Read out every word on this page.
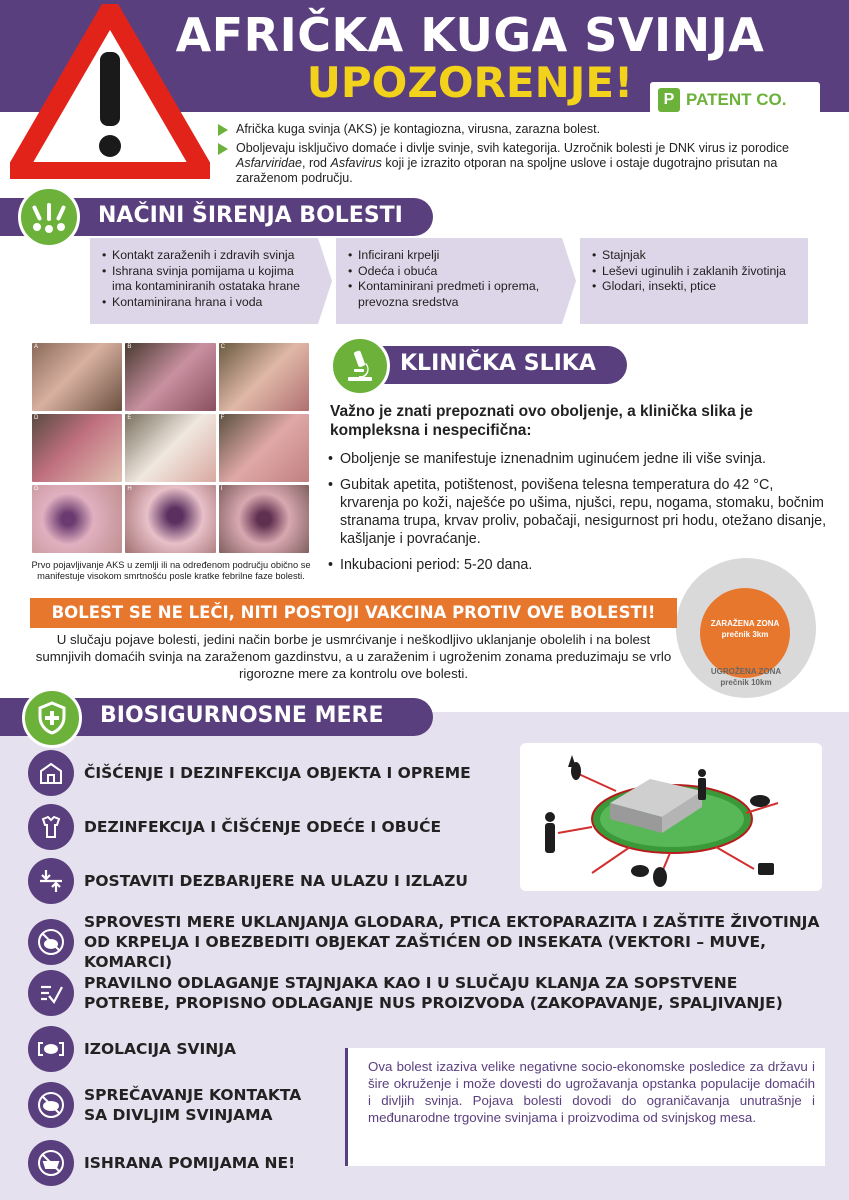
AFRIČKA KUGA SVINJA
UPOZORENJE!	P PATENT CO.
Afrička kuga svinja (AKS) je kontagiozna, virusna, zarazna bolest.
Oboljevaju isključivo domaće i divlje svinje, svih kategorija. Uzročnik bolesti je DNK virus iz porodice Asfarviridae, rod Asfavirus koji je izrazito otporan na spoljne uslove i ostaje dugotrajno prisutan na zaraženom području.
NAČINI ŠIRENJA BOLESTI
• Kontakt zaraženih i zdravih svinja
• Ishrana svinja pomijama u kojima ima kontaminiranih ostataka hrane
• Kontaminirana hrana i voda
• Inficirani krpelji
• Odeća i obuća
• Kontaminirani predmeti i oprema, prevozna sredstva
• Stajnjak
• Leševi uginulih i zaklanih životinja
• Glodari, insekti, ptice
A	B	C
D	E	F
G	H	I
Prvo pojavljivanje AKS u zemlji ili na određenom području obično se manifestuje visokom smrtnošću posle kratke febrilne faze bolesti.
KLINIČKA SLIKA
Važno je znati prepoznati ovo oboljenje, a klinička slika je kompleksna i nespecifična:
• Oboljenje se manifestuje iznenadnim uginućem jedne ili više svinja.
• Gubitak apetita, potištenost, povišena telesna temperatura do 42 °C, krvarenja po koži, naješće po ušima, njušci, repu, nogama, stomaku, bočnim stranama trupa, krvav proliv, pobačaji, nesigurnost pri hodu, otežano disanje, kašljanje i povraćanje.
• Inkubacioni period: 5-20 dana.
ZARAŽENA ZONA
prečnik 3km
UGROŽENA ZONA
prečnik 10km
BOLEST SE NE LEČI, NITI POSTOJI VAKCINA PROTIV OVE BOLESTI!
U slučaju pojave bolesti, jedini način borbe je usmrćivanje i neškodljivo uklanjanje obolelih i na bolest sumnjivih domaćih svinja na zaraženom gazdinstvu, a u zaraženim i ugroženim zonama preduzimaju se vrlo rigorozne mere za kontrolu ove bolesti.
BIOSIGURNOSNE MERE
ČIŠĆENJE I DEZINFEKCIJA OBJEKTA I OPREME
DEZINFEKCIJA I ČIŠĆENJE ODEĆE I OBUĆE
POSTAVITI DEZBARIJERE NA ULAZU I IZLAZU
SPROVESTI MERE UKLANJANJA GLODARA, PTICA EKTOPARAZITA I ZAŠTITE ŽIVOTINJA
OD KRPELJA I OBEZBEDITI OBJEKAT ZAŠTIĆEN OD INSEKATA (VEKTORI – MUVE, KOMARCI)
PRAVILNO ODLAGANJE STAJNJAKA KAO I U SLUČAJU KLANJA ZA SOPSTVENE
POTREBE, PROPISNO ODLAGANJE NUS PROIZVODA (ZAKOPAVANJE, SPALJIVANJE)
IZOLACIJA SVINJA
SPREČAVANJE KONTAKTA
SA DIVLJIM SVINJAMA
ISHRANA POMIJAMA NE!
Ova bolest izaziva velike negativne socio-ekonomske posledice za državu i šire okruženje i može dovesti do ugrožavanja opstanka populacije domaćih i divljih svinja. Pojava bolesti dovodi do ograničavanja unutrašnje i međunarodne trgovine svinjama i proizvodima od svinjskog mesa.
